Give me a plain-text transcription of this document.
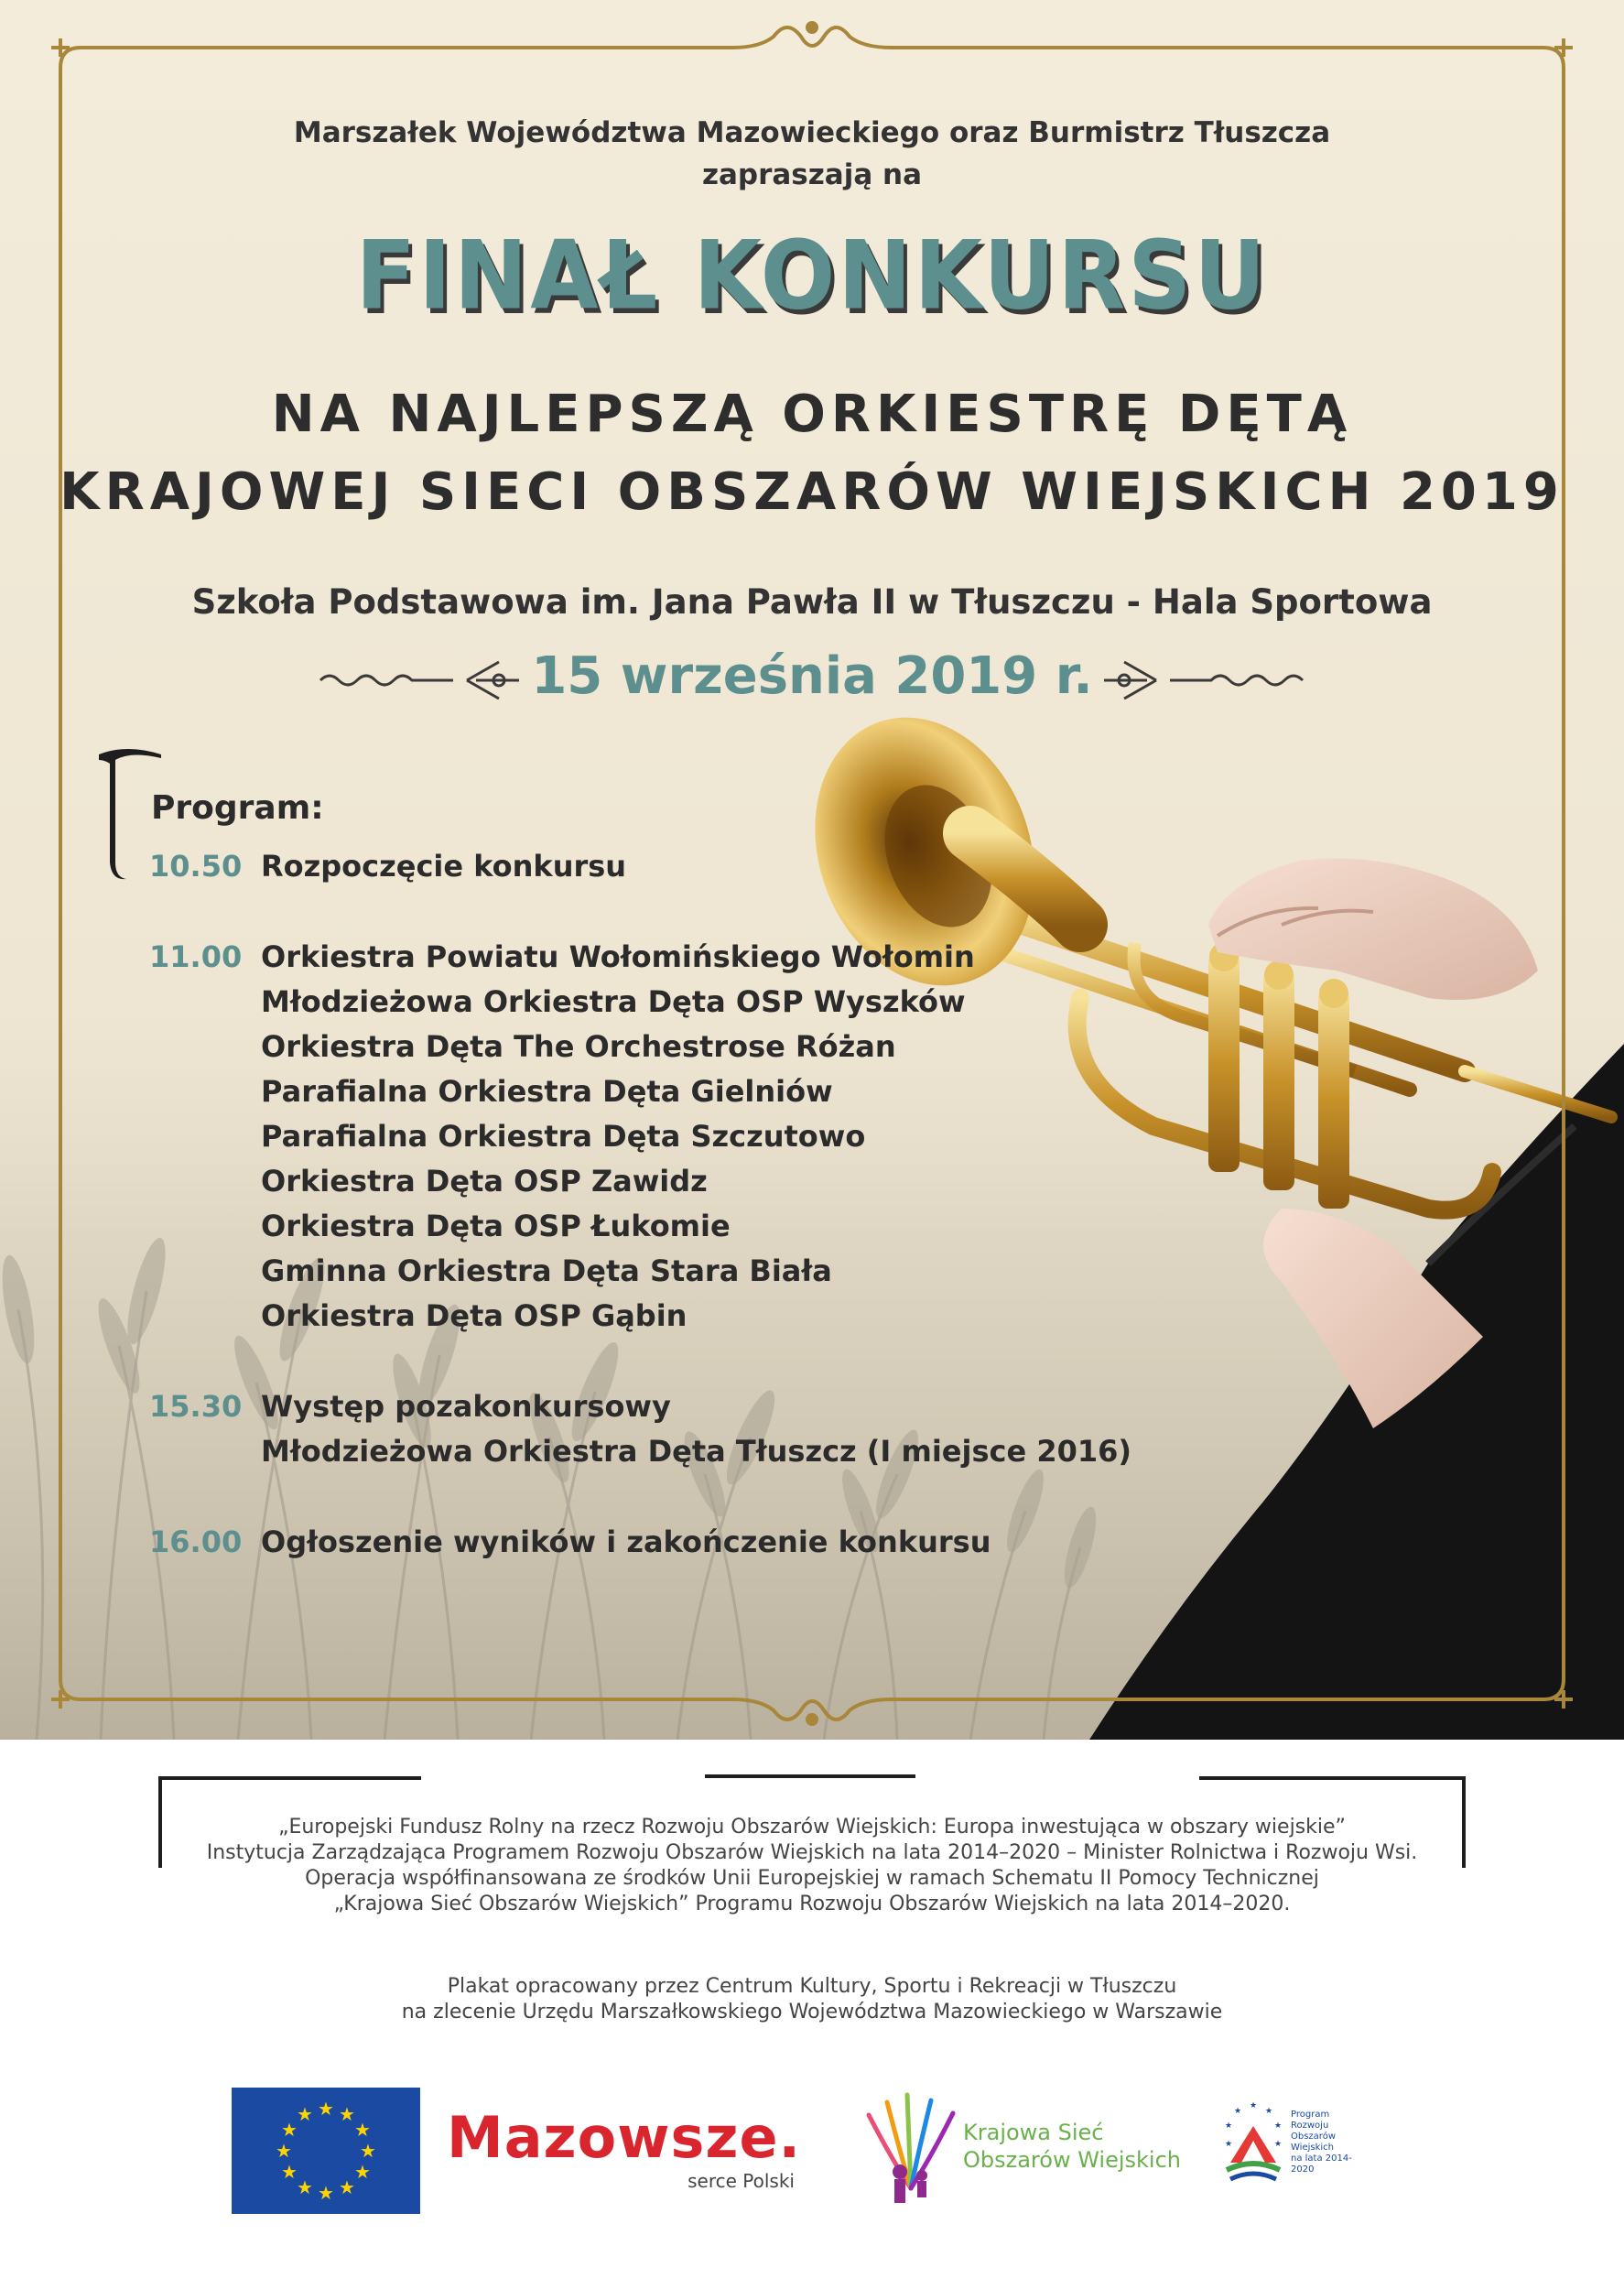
Marszałek Województwa Mazowieckiego oraz Burmistrz Tłuszcza
zapraszają na
FINAŁ KONKURSU
NA NAJLEPSZĄ ORKIESTRĘ DĘTĄ
KRAJOWEJ SIECI OBSZARÓW WIEJSKICH 2019
Szkoła Podstawowa im. Jana Pawła II w Tłuszczu - Hala Sportowa
15 września 2019 r.
Program:
10.50 Rozpoczęcie konkursu
11.00 Orkiestra Powiatu Wołomińskiego Wołomin
Młodzieżowa Orkiestra Dęta OSP Wyszków
Orkiestra Dęta The Orchestrose Różan
Parafialna Orkiestra Dęta Gielniów
Parafialna Orkiestra Dęta Szczutowo
Orkiestra Dęta OSP Zawidz
Orkiestra Dęta OSP Łukomie
Gminna Orkiestra Dęta Stara Biała
Orkiestra Dęta OSP Gąbin
15.30 Występ pozakonkursowy
Młodzieżowa Orkiestra Dęta Tłuszcz (I miejsce 2016)
16.00 Ogłoszenie wyników i zakończenie konkursu
„Europejski Fundusz Rolny na rzecz Rozwoju Obszarów Wiejskich: Europa inwestująca w obszary wiejskie”
Instytucja Zarządzająca Programem Rozwoju Obszarów Wiejskich na lata 2014–2020 – Minister Rolnictwa i Rozwoju Wsi.
Operacja współfinansowana ze środków Unii Europejskiej w ramach Schematu II Pomocy Technicznej
„Krajowa Sieć Obszarów Wiejskich” Programu Rozwoju Obszarów Wiejskich na lata 2014–2020.
Plakat opracowany przez Centrum Kultury, Sportu i Rekreacji w Tłuszczu
na zlecenie Urzędu Marszałkowskiego Województwa Mazowieckiego w Warszawie
★ ★
★
★
★
★
★
★
★
★
★
★ Mazowsze.
serce Polski
Krajowa Sieć
Obszarów Wiejskich
★
★
★
★
★
★
★
Program
Rozwoju
Obszarów
Wiejskich
na lata 2014-2020
